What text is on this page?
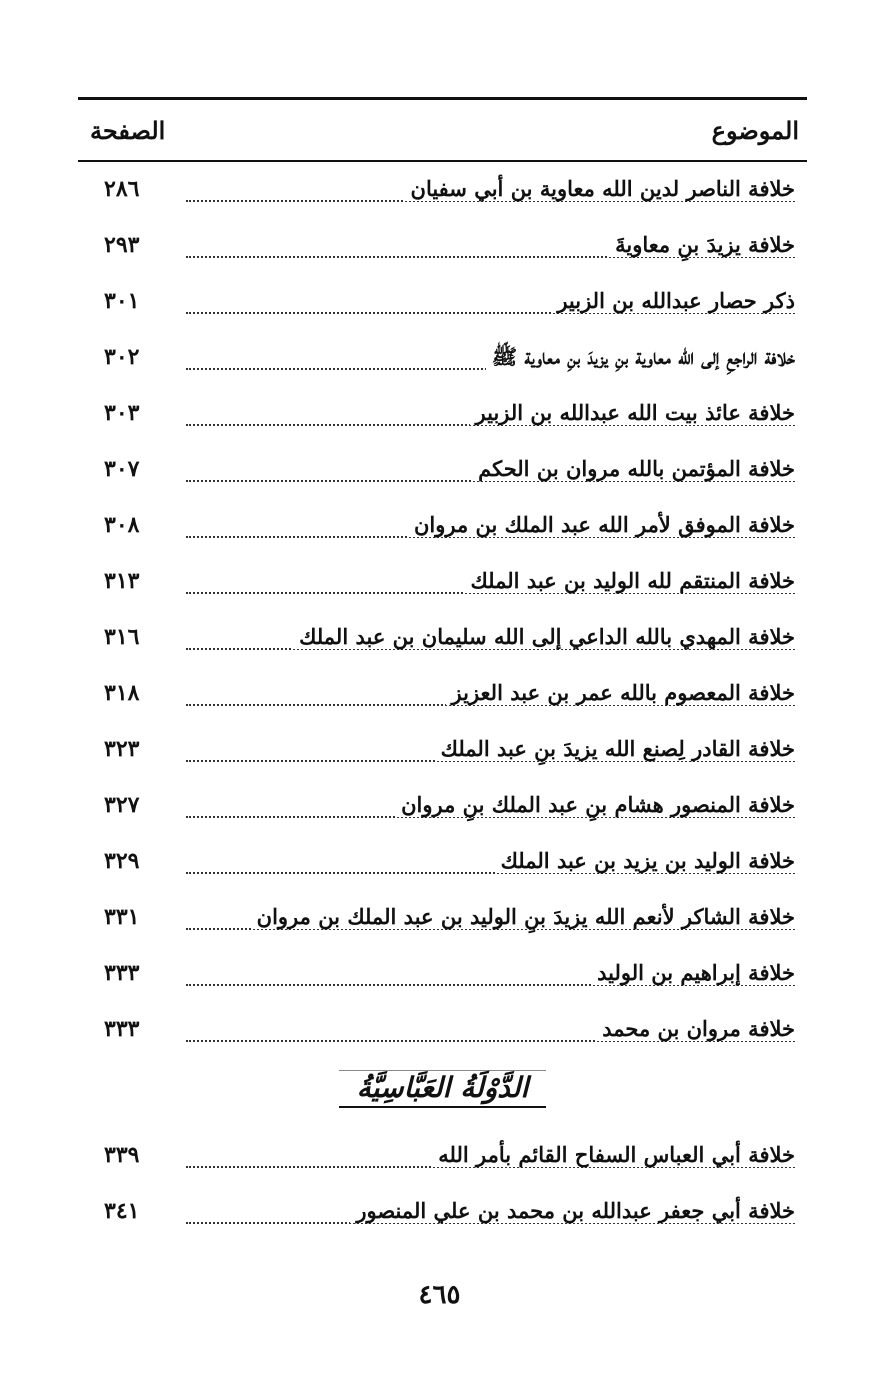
الموضوع
الصفحة
خلافة الناصر لدين الله معاوية بن أبي سفيان
٢٨٦
خلافة يزيدَ بنِ معاويةَ
٢٩٣
ذكر حصار عبدالله بن الزبير
٣٠١
خلافة الراجعِ إلى الله معاوية بنِ يزيدَ بنِ معاوية ﷺ
٣٠٢
خلافة عائذ بيت الله عبدالله بن الزبير
٣٠٣
خلافة المؤتمن بالله مروان بن الحكم
٣٠٧
خلافة الموفق لأمر الله عبد الملك بن مروان
٣٠٨
خلافة المنتقم لله الوليد بن عبد الملك
٣١٣
خلافة المهدي بالله الداعي إلى الله سليمان بن عبد الملك
٣١٦
خلافة المعصوم بالله عمر بن عبد العزيز
٣١٨
خلافة القادر لِصنع الله يزيدَ بنِ عبد الملك
٣٢٣
خلافة المنصور هشام بنِ عبد الملك بنِ مروان
٣٢٧
خلافة الوليد بن يزيد بن عبد الملك
٣٢٩
خلافة الشاكر لأنعم الله يزيدَ بنِ الوليد بن عبد الملك بن مروان
٣٣١
خلافة إبراهيم بن الوليد
٣٣٣
خلافة مروان بن محمد
٣٣٣
الدَّوْلَةُ العَبَّاسِيَّةُ
خلافة أبي العباس السفاح القائم بأمر الله
٣٣٩
خلافة أبي جعفر عبدالله بن محمد بن علي المنصور
٣٤١
٤٦٥
